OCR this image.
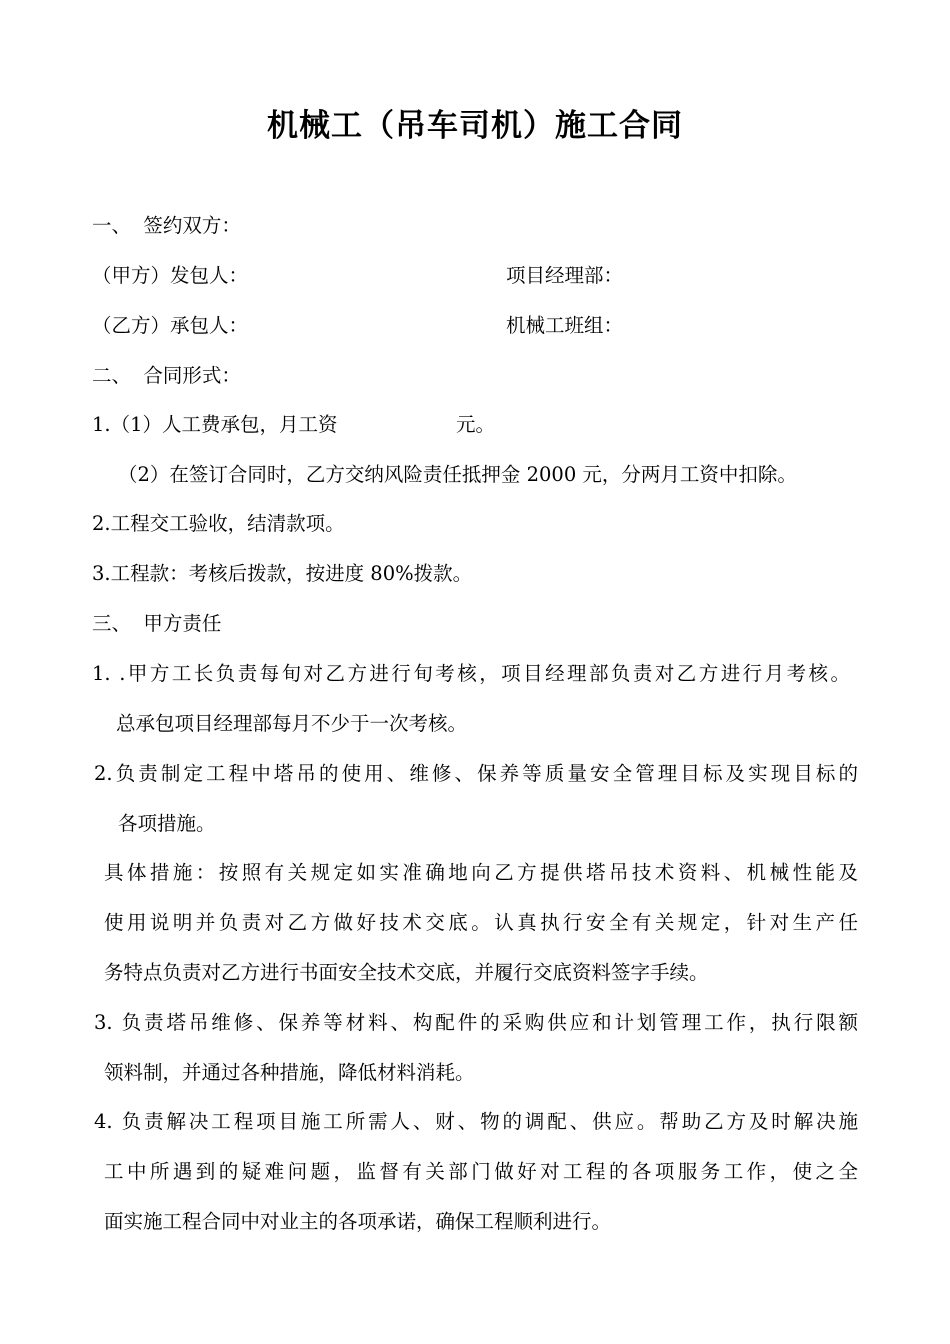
机械工（吊车司机）施工合同
一、  签约双方：
（甲方）发包人：	项目经理部：
（乙方）承包人：	机械工班组：
二、  合同形式：
1.（1）人工费承包，月工资	元。
（2）在签订合同时，乙方交纳风险责任抵押金 2000 元，分两月工资中扣除。
2.工程交工验收，结清款项。
3.工程款：考核后拨款，按进度 80%拨款。
三、  甲方责任
1. .甲方工长负责每旬对乙方进行旬考核，项目经理部负责对乙方进行月考核。
总承包项目经理部每月不少于一次考核。
2.负责制定工程中塔吊的使用、维修、保养等质量安全管理目标及实现目标的
各项措施。
具体措施：按照有关规定如实准确地向乙方提供塔吊技术资料、机械性能及
使用说明并负责对乙方做好技术交底。认真执行安全有关规定，针对生产任
务特点负责对乙方进行书面安全技术交底，并履行交底资料签字手续。
3. 负责塔吊维修、保养等材料、构配件的采购供应和计划管理工作，执行限额
领料制，并通过各种措施，降低材料消耗。
4. 负责解决工程项目施工所需人、财、物的调配、供应。帮助乙方及时解决施
工中所遇到的疑难问题，监督有关部门做好对工程的各项服务工作，使之全
面实施工程合同中对业主的各项承诺，确保工程顺利进行。
